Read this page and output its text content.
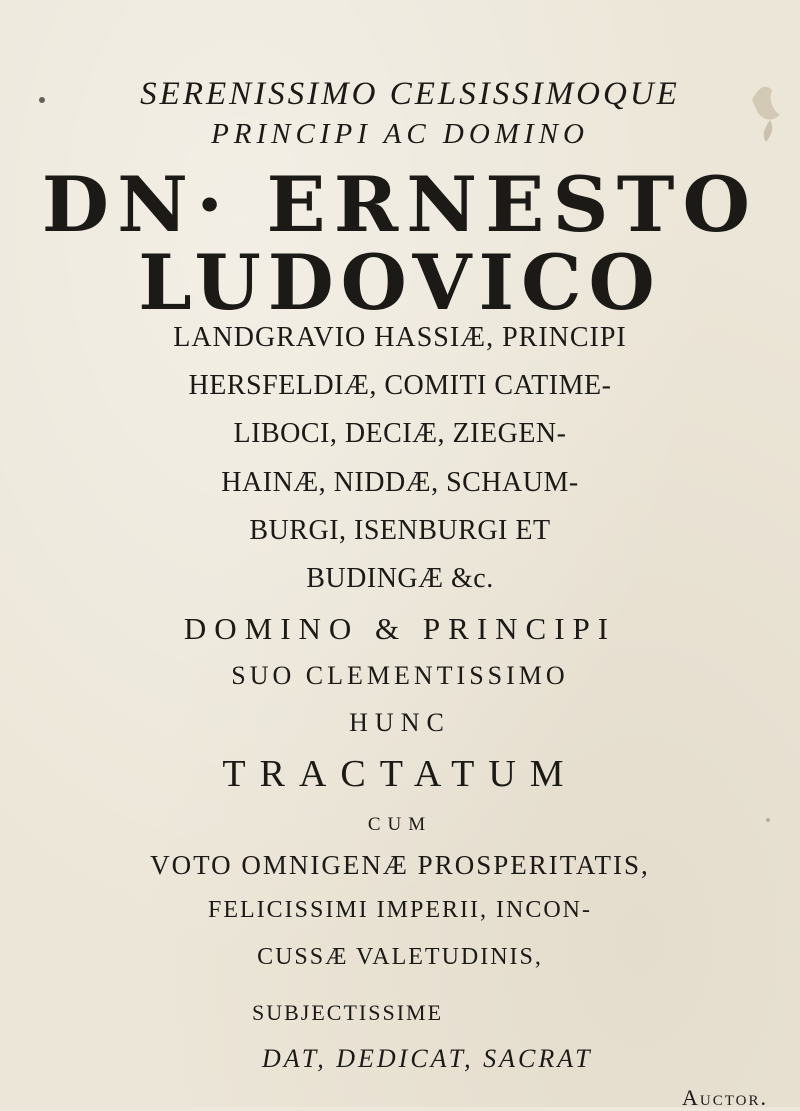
SERENISSIMO CELSISSIMOQUE
PRINCIPI AC DOMINO
DN· ERNESTO
LUDOVICO
LANDGRAVIO HASSIÆ, PRINCIPI
HERSFELDIÆ, COMITI CATIME-
LIBOCI, DECIÆ, ZIEGEN-
HAINÆ, NIDDÆ, SCHAUM-
BURGI, ISENBURGI ET
BUDINGÆ &c.
DOMINO & PRINCIPI
SUO CLEMENTISSIMO
HUNC
TRACTATUM
CUM
VOTO OMNIGENÆ PROSPERITATIS,
FELICISSIMI IMPERII, INCON-
CUSSÆ VALETUDINIS,
SUBJECTISSIME
DAT, DEDICAT, SACRAT
Auctor.
